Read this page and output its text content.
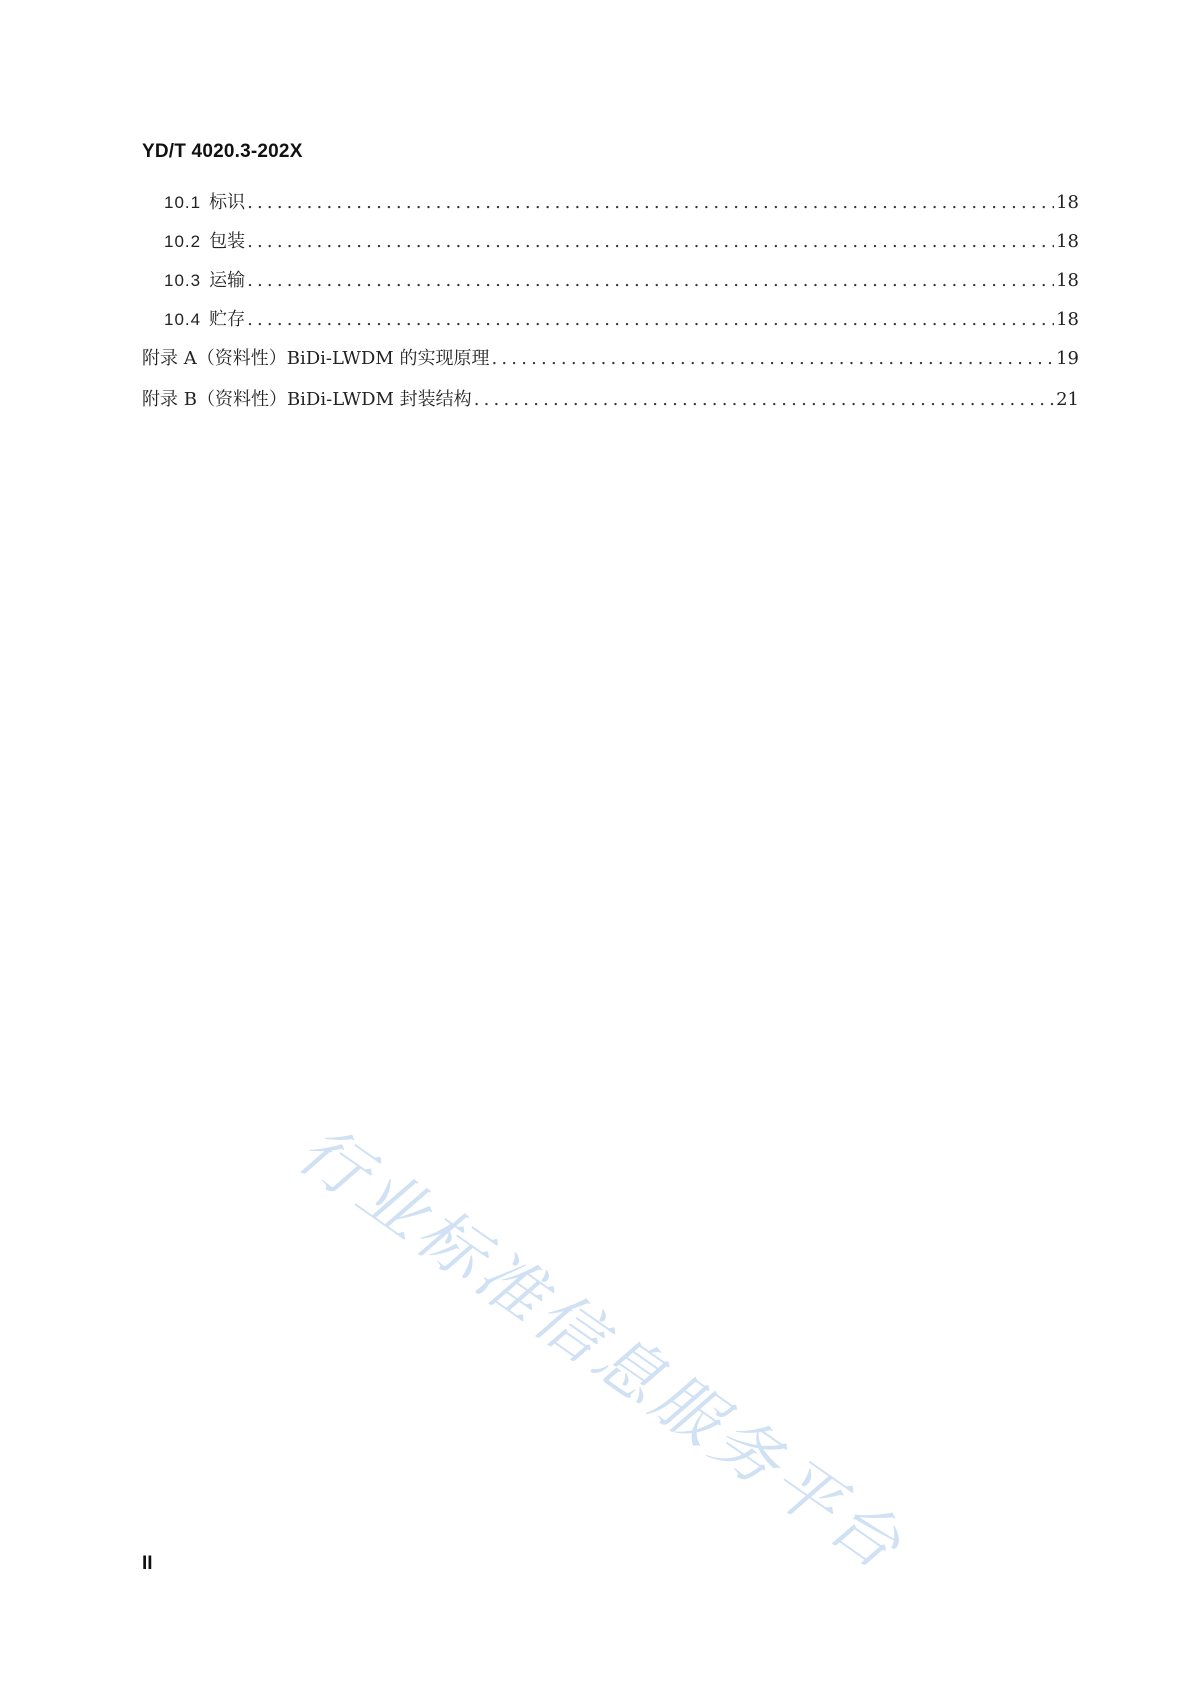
YD/T 4020.3-202X
10.1 标识 .....	18
10.2 包装 .....	18
10.3 运输 .....	18
10.4 贮存 .....	18
附录 A（资料性）BiDi-LWDM 的实现原理 .....	19
附录 B（资料性）BiDi-LWDM 封装结构 .....	21
行业标准信息服务平台
II
